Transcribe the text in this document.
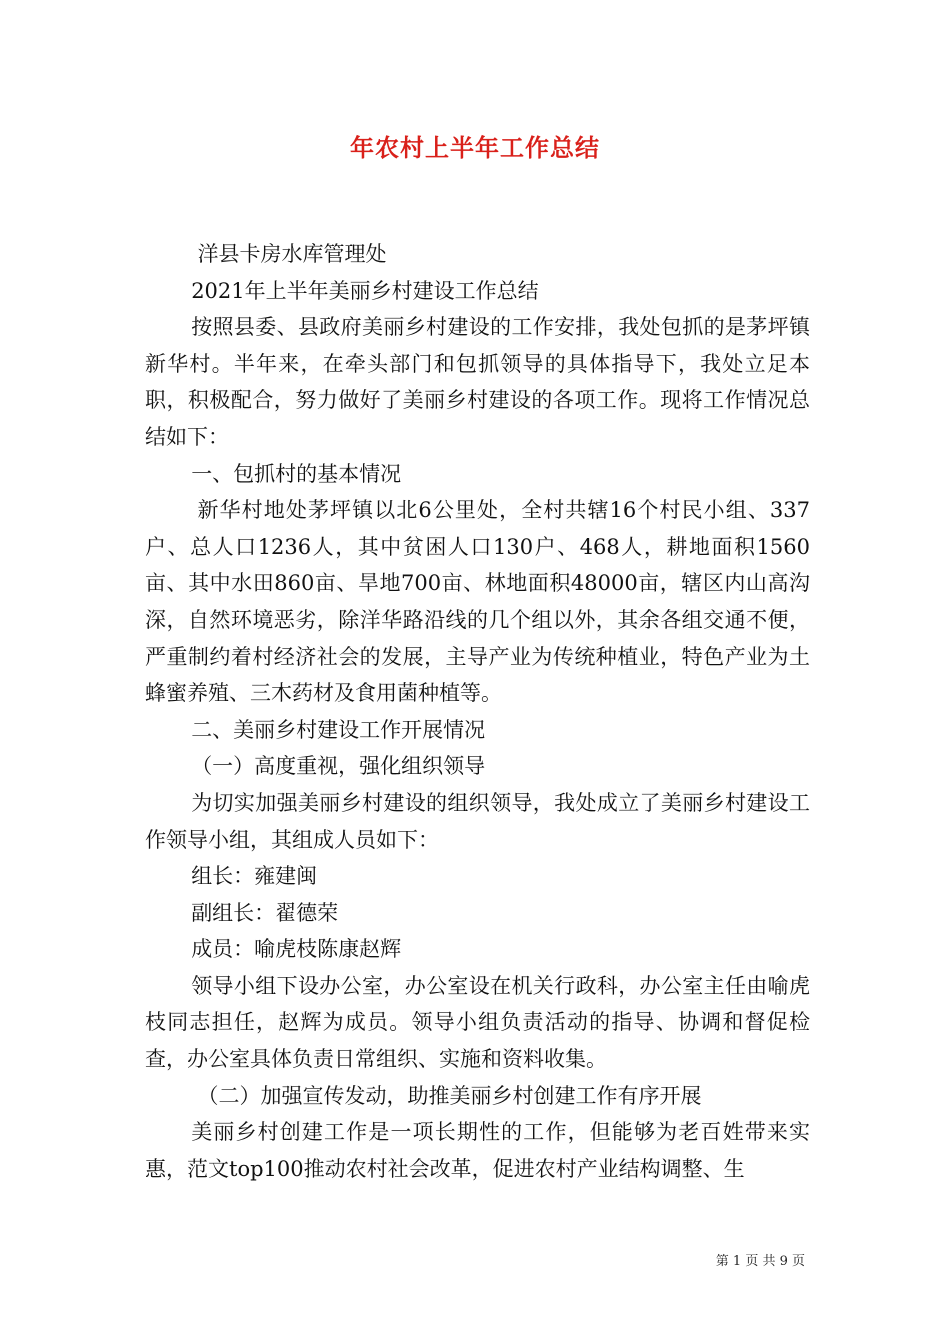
年农村上半年工作总结

洋县卡房水库管理处

2021年上半年美丽乡村建设工作总结

按照县委、县政府美丽乡村建设的工作安排，我处包抓的是茅坪镇新华村。半年来，在牵头部门和包抓领导的具体指导下，我处立足本职，积极配合，努力做好了美丽乡村建设的各项工作。现将工作情况总结如下：

一、包抓村的基本情况

新华村地处茅坪镇以北6公里处，全村共辖16个村民小组、337户、总人口1236人，其中贫困人口130户、468人，耕地面积1560亩、其中水田860亩、旱地700亩、林地面积48000亩，辖区内山高沟深，自然环境恶劣，除洋华路沿线的几个组以外，其余各组交通不便，严重制约着村经济社会的发展，主导产业为传统种植业，特色产业为土蜂蜜养殖、三木药材及食用菌种植等。

二、美丽乡村建设工作开展情况

（一）高度重视，强化组织领导

为切实加强美丽乡村建设的组织领导，我处成立了美丽乡村建设工作领导小组，其组成人员如下：

组长：雍建闽

副组长：翟德荣

成员：喻虎枝陈康赵辉

领导小组下设办公室，办公室设在机关行政科，办公室主任由喻虎枝同志担任，赵辉为成员。领导小组负责活动的指导、协调和督促检查，办公室具体负责日常组织、实施和资料收集。

（二）加强宣传发动，助推美丽乡村创建工作有序开展

美丽乡村创建工作是一项长期性的工作，但能够为老百姓带来实惠，范文top100推动农村社会改革，促进农村产业结构调整、生

第 1 页 共 9 页
